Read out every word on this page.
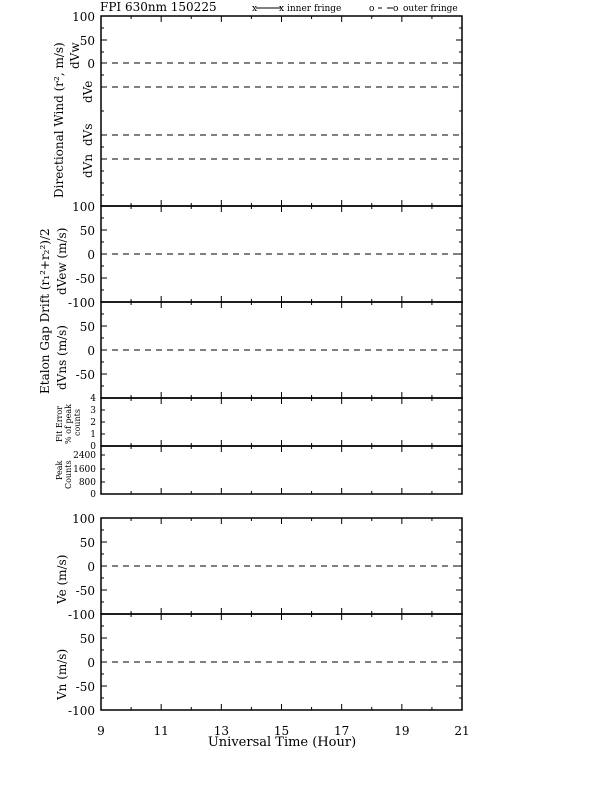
FPI 630nm 150225	x x inner fringe	o o outer fringe
100
50
0
100
50
0
-50
-100
50
0
-50
4
3
2
1
0
2400
1600
800
0
100
50
0
-50
-100
50
0
-50
-100
9	11	13	15	17	19	21
Directional Wind (r², m/s) dVw
dVe
dVs
dVn
Etalon Gap Drift (r₁²+r₂²)/2 dVew (m/s)
dVns (m/s)
Fit Error % of peak counts
Peak Counts
Ve (m/s)
Vn (m/s)
Universal Time (Hour)
